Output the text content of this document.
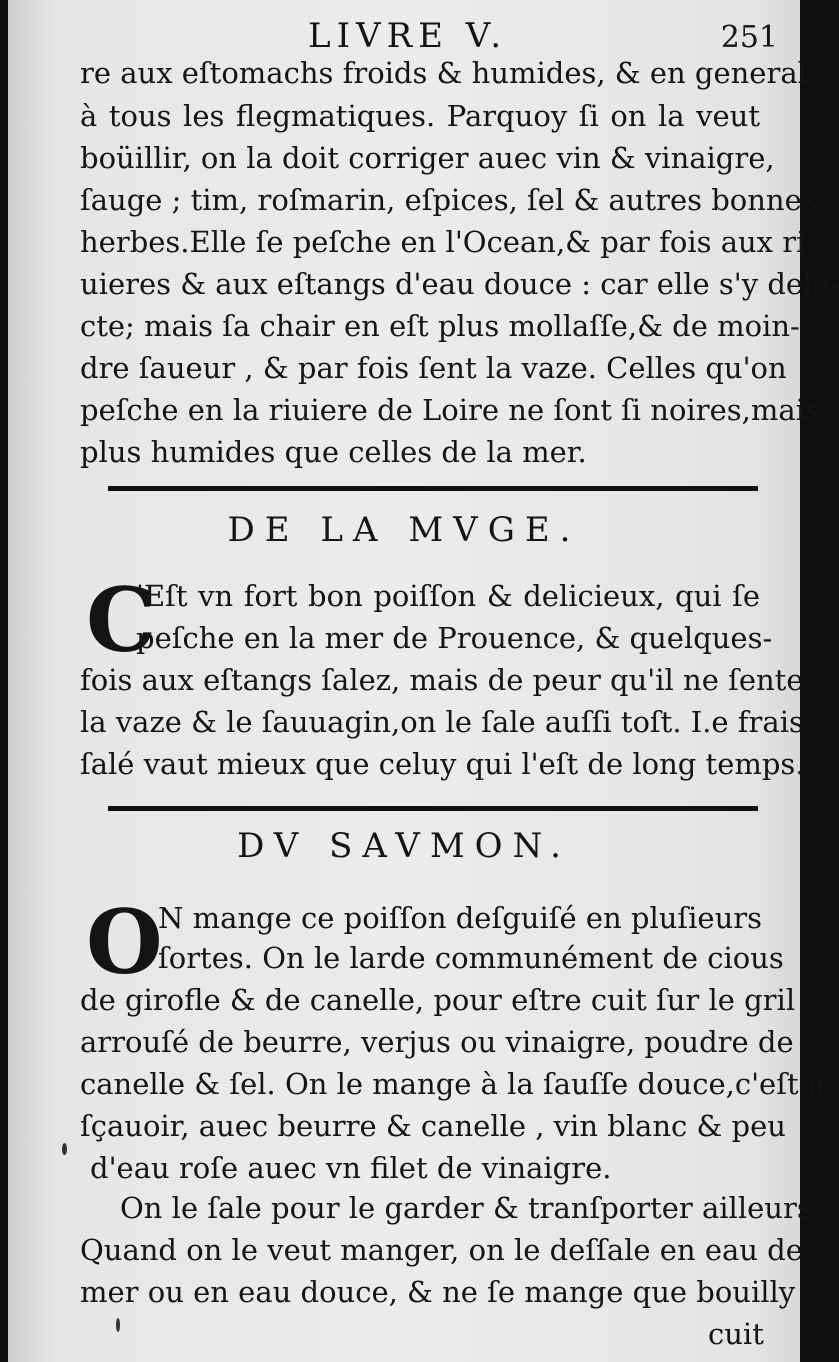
LIVRE V.	251
re aux eſtomachs froids & humides, & en general
à tous les flegmatiques. Parquoy ſi on la veut
boüillir, on la doit corriger auec vin & vinaigre,
ſauge ; tim, roſmarin, eſpices, ſel & autres bonnes
herbes.Elle ſe peſche en l'Ocean,& par fois aux ri-
uieres & aux eſtangs d'eau douce : car elle s'y dele-
cte; mais ſa chair en eſt plus mollaſſe,& de moin-
dre ſaueur , & par fois ſent la vaze. Celles qu'on
peſche en la riuiere de Loire ne ſont ſi noires,mais
plus humides que celles de la mer.
DE LA MVGE.
C
'Eſt vn fort bon poiſſon & delicieux, qui ſe
peſche en la mer de Prouence, & quelques-
fois aux eſtangs ſalez, mais de peur qu'il ne ſente
la vaze & le ſauuagin,on le ſale auſſi toſt. I.e frais
ſalé vaut mieux que celuy qui l'eſt de long temps.
DV SAVMON.
O
N mange ce poiſſon deſguiſé en pluſieurs
ſortes. On le larde communément de cious
de girofle & de canelle, pour eſtre cuit ſur le gril
arrouſé de beurre, verjus ou vinaigre, poudre de
canelle & ſel. On le mange à la ſauſſe douce,c'eſt à
ſçauoir, auec beurre & canelle , vin blanc & peu
d'eau roſe auec vn filet de vinaigre.
On le ſale pour le garder & tranſporter ailleurs.
Quand on le veut manger, on le deſſale en eau de
mer ou en eau douce, & ne ſe mange que bouilly
cuit
